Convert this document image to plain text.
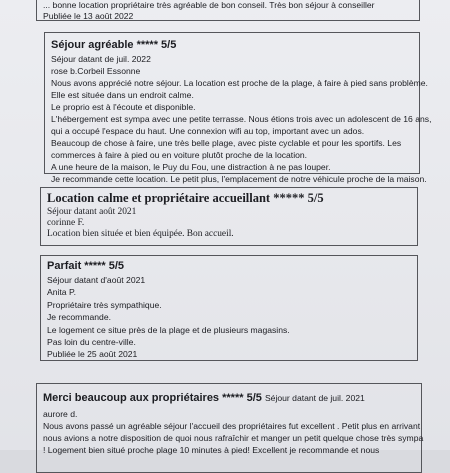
... bonne location propriétaire très agréable de bon conseil. Très bon séjour à conseiller
Publiée le 13 août 2022
Séjour agréable ***** 5/5
Séjour datant de juil. 2022
rose b.Corbeil Essonne
Nous avons apprécié notre séjour. La location est proche de la plage, à faire à pied sans problème.
Elle est située dans un endroit calme.
Le proprio est à l'écoute et disponible.
L'hébergement est sympa avec une petite terrasse. Nous étions trois avec un adolescent de 16 ans,
qui a occupé l'espace du haut. Une connexion wifi au top, important avec un ados.
Beaucoup de chose à faire, une très belle plage, avec piste cyclable et pour les sportifs. Les
commerces à faire à pied ou en voiture plutôt proche de la location.
A une heure de la maison, le Puy du Fou, une distraction à ne pas louper.
Je recommande cette location. Le petit plus, l'emplacement de notre véhicule proche de la maison.
Location calme et propriétaire accueillant ***** 5/5
Séjour datant août 2021
corinne F.
Location bien située et bien équipée. Bon accueil.
Parfait ***** 5/5
Séjour datant d'août 2021
Anita P.
Propriétaire très sympathique.
Je recommande.
Le logement ce situe près de la plage et de plusieurs magasins.
Pas loin du centre-ville.
Publiée le 25 août 2021
Merci beaucoup aux propriétaires ***** 5/5 Séjour datant de juil. 2021
aurore d.
Nous avons passé un agréable séjour l'accueil des propriétaires fut excellent . Petit plus en arrivant
nous avions a notre disposition de quoi nous rafraîchir et manger un petit quelque chose très sympa
! Logement bien situé proche plage 10 minutes à pied! Excellent je recommande et nous
